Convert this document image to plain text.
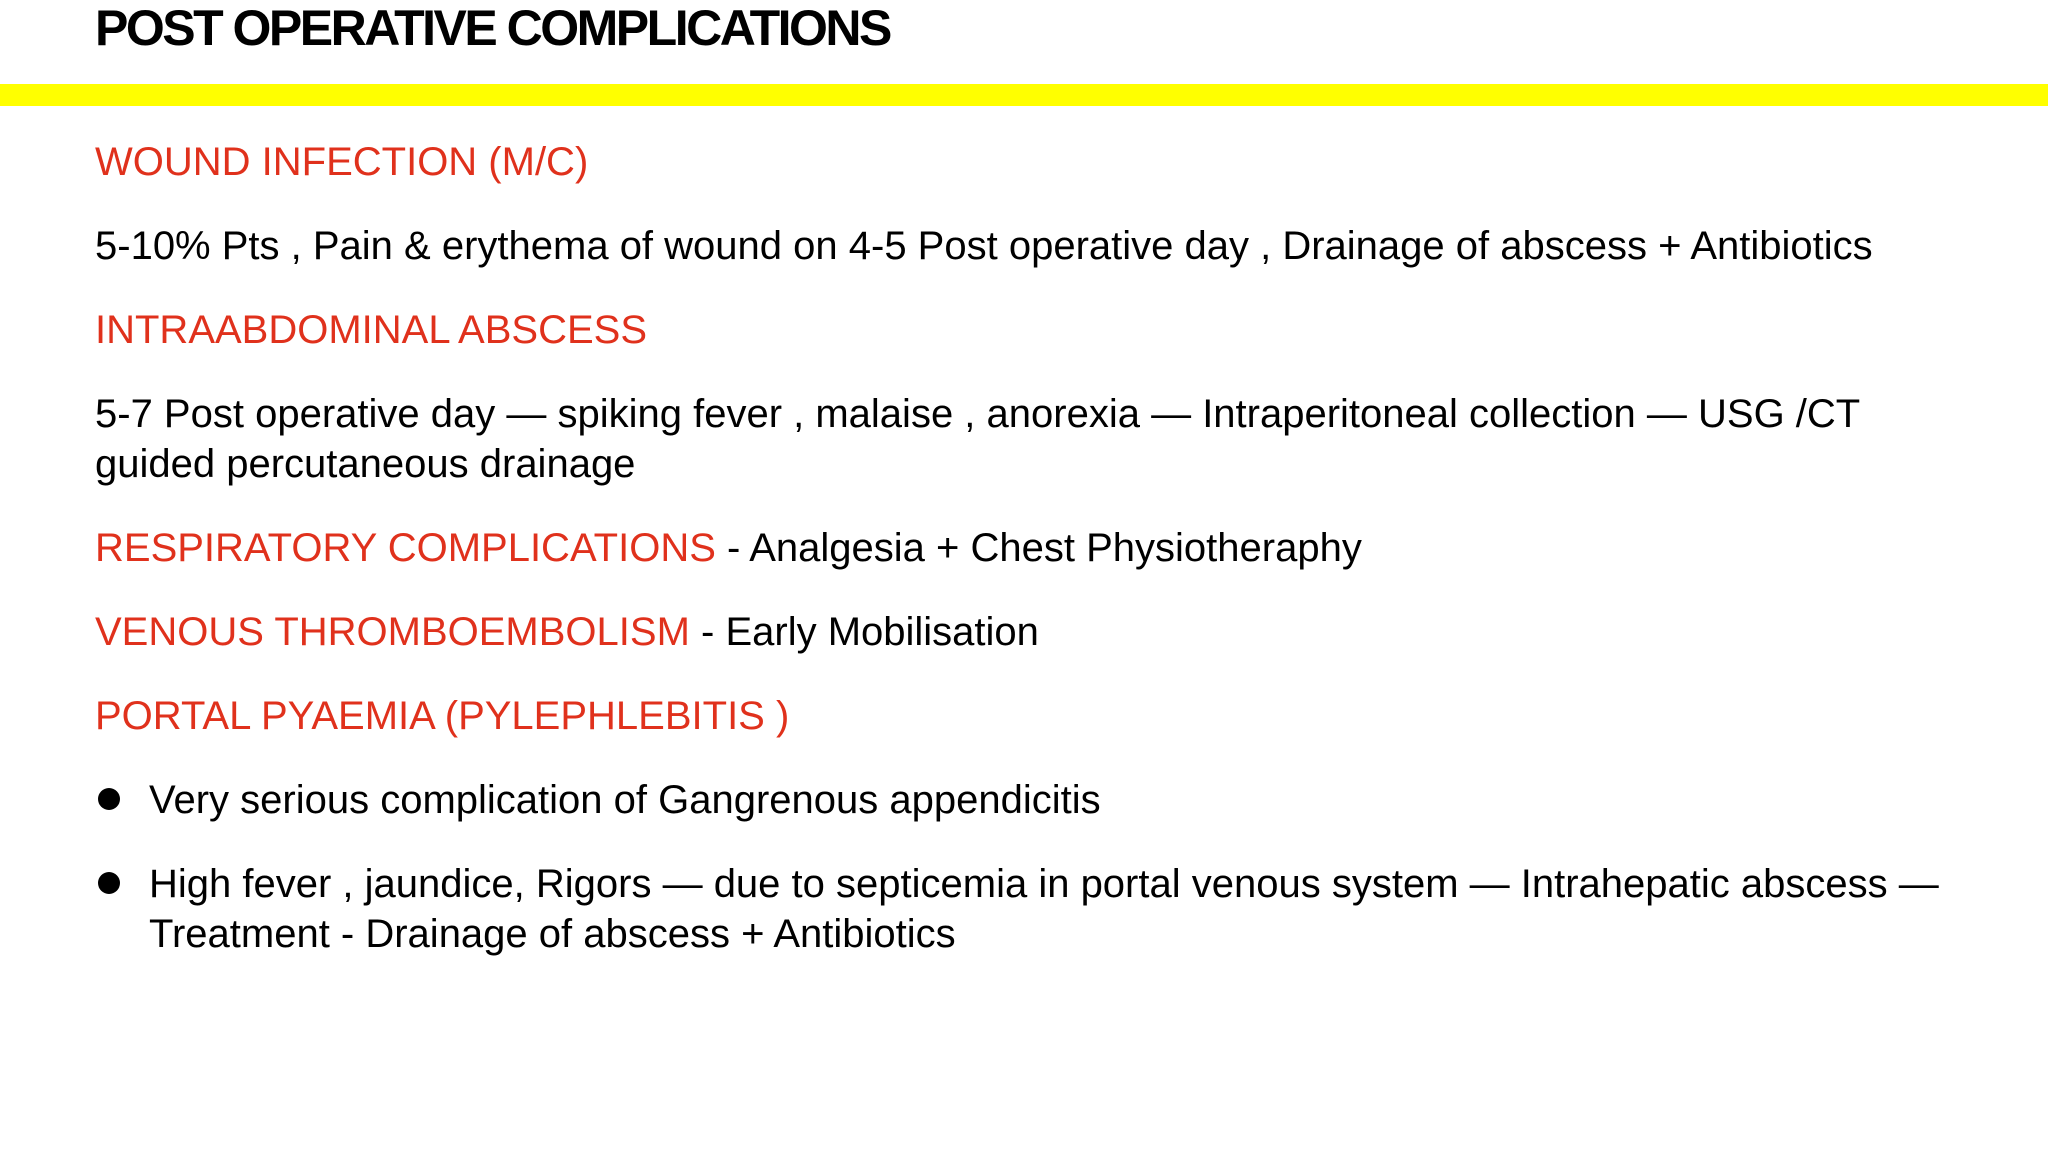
POST OPERATIVE COMPLICATIONS

WOUND INFECTION (M/C)

5-10% Pts , Pain & erythema of wound on 4-5 Post operative day , Drainage of abscess + Antibiotics

INTRAABDOMINAL ABSCESS

5-7 Post operative day — spiking fever , malaise , anorexia — Intraperitoneal collection — USG /CT guided percutaneous drainage

RESPIRATORY COMPLICATIONS - Analgesia + Chest Physiotheraphy

VENOUS THROMBOEMBOLISM - Early Mobilisation

PORTAL PYAEMIA (PYLEPHLEBITIS )

Very serious complication of Gangrenous appendicitis
High fever , jaundice, Rigors — due to septicemia in portal venous system — Intrahepatic abscess — Treatment - Drainage of abscess + Antibiotics
